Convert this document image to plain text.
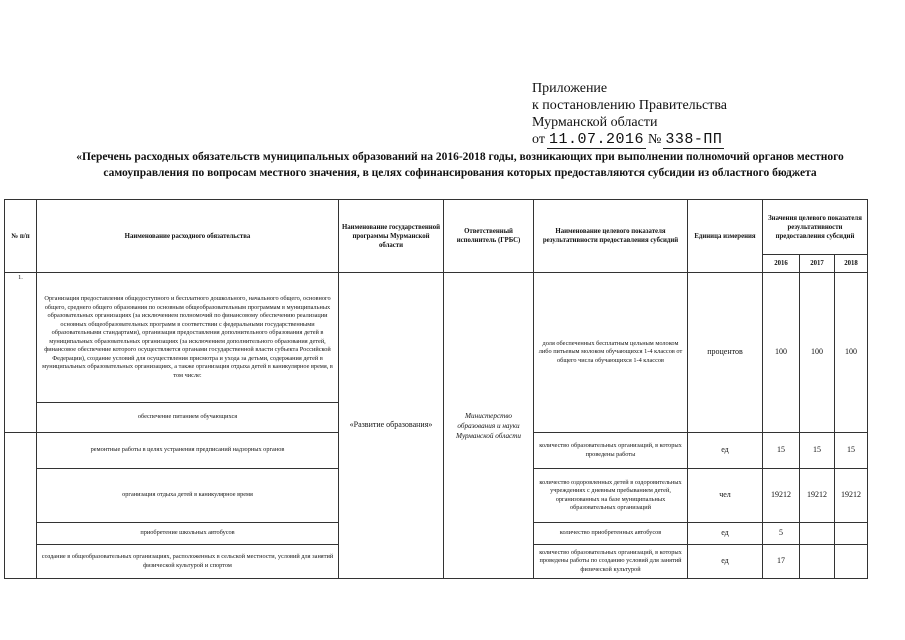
Приложение
к постановлению Правительства
Мурманской области
от 11.07.2016 № 338-ПП
«Перечень расходных обязательств муниципальных образований на 2016-2018 годы, возникающих при выполнении полномочий органов местного
самоуправления по вопросам местного значения, в целях софинансирования которых предоставляются субсидии из областного бюджета
№ п/п	Наименование расходного обязательства	Наименование государственной программы Мурманской области	Ответственный исполнитель (ГРБС)	Наименование целевого показателя результативности предоставления субсидий	Единица измерения	Значения целевого показателя результативности предоставления субсидий		
						2016	2017	2018
1.	Организация предоставления общедоступного и бесплатного дошкольного, начального общего, основного общего, среднего общего образования по основным общеобразовательным программам в муниципальных образовательных организациях (за исключением полномочий по финансовому обеспечению реализации основных общеобразовательных программ в соответствии с федеральными государственными образовательными стандартами), организация предоставления дополнительного образования детей в муниципальных образовательных организациях (за исключением дополнительного образования детей, финансовое обеспечение которого осуществляется органами государственной власти субъекта Российской Федерации), создание условий для осуществления присмотра и ухода за детьми, содержания детей в муниципальных образовательных организациях, а также организация отдыха детей в каникулярное время, в том числе:	«Развитие образования»	Министерство образования и науки Мурманской области	доля обеспеченных бесплатным цельным молоком либо питьевым молоком обучающихся 1-4 классов от общего числа обучающихся 1-4 классов	процентов	100	100	100
	обеспечение питанием обучающихся							
	ремонтные работы в целях устранения предписаний надзорных органов			количество образовательных организаций, в которых проведены работы	ед	15	15	15
	организация отдыха детей в каникулярное время			количество оздоровленных детей в оздоровительных учреждениях с дневным пребыванием детей, организованных на базе муниципальных образовательных организаций	чел	19212	19212	19212
	приобретение школьных автобусов			количество приобретенных автобусов	ед	5		
	создание в общеобразовательных организациях, расположенных в сельской местности, условий для занятий физической культурой и спортом			количество образовательных организаций, в которых проведены работы по созданию условий для занятий физической культурой	ед	17		
